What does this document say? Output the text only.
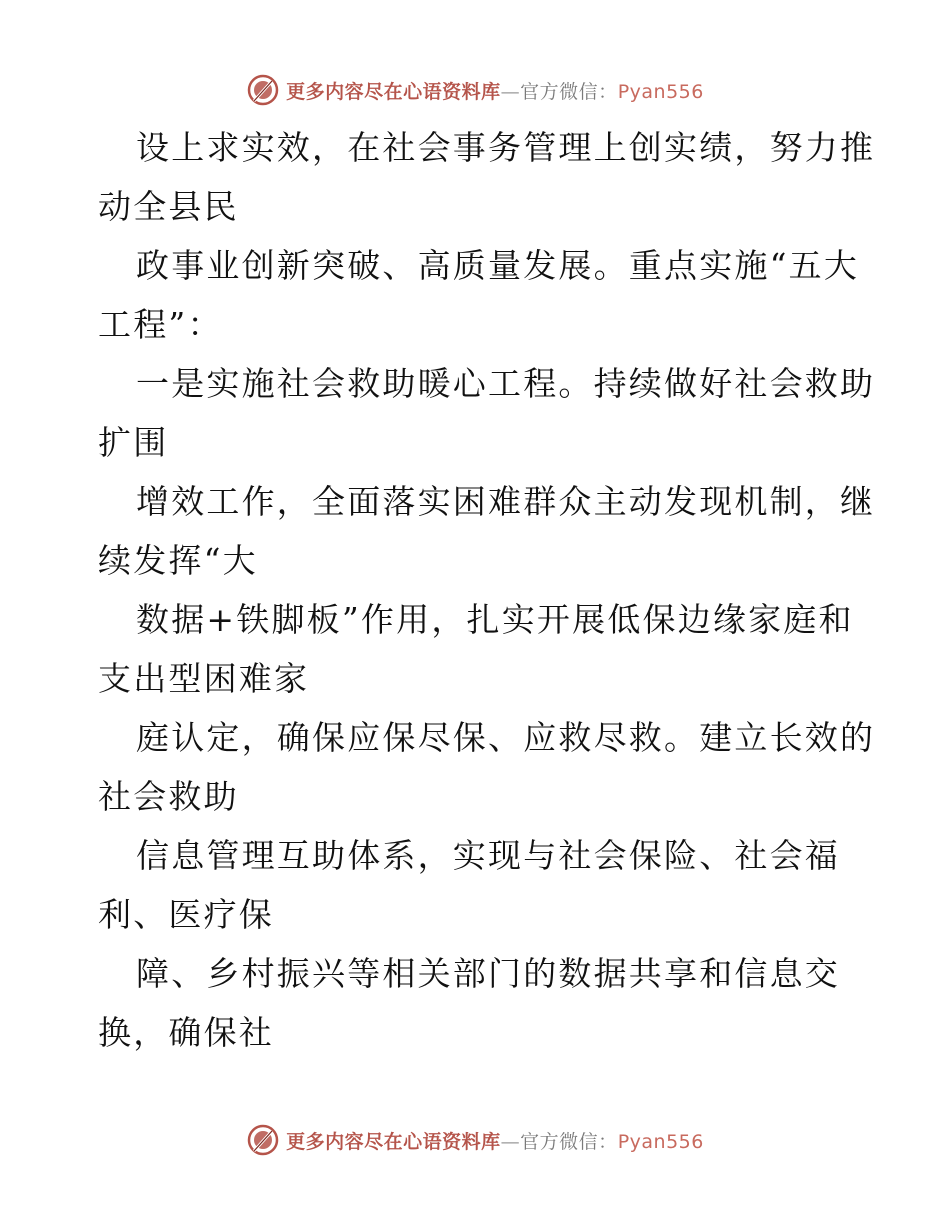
更多内容尽在心语资料库—官方微信：Pyan556

设上求实效，在社会事务管理上创实绩，努力推
动全县民

政事业创新突破、高质量发展。重点实施“五大
工程”：

一是实施社会救助暖心工程。持续做好社会救助
扩围

增效工作，全面落实困难群众主动发现机制，继
续发挥“大

数据+铁脚板”作用，扎实开展低保边缘家庭和
支出型困难家

庭认定，确保应保尽保、应救尽救。建立长效的
社会救助

信息管理互助体系，实现与社会保险、社会福
利、医疗保

障、乡村振兴等相关部门的数据共享和信息交
换，确保社

更多内容尽在心语资料库—官方微信：Pyan556
